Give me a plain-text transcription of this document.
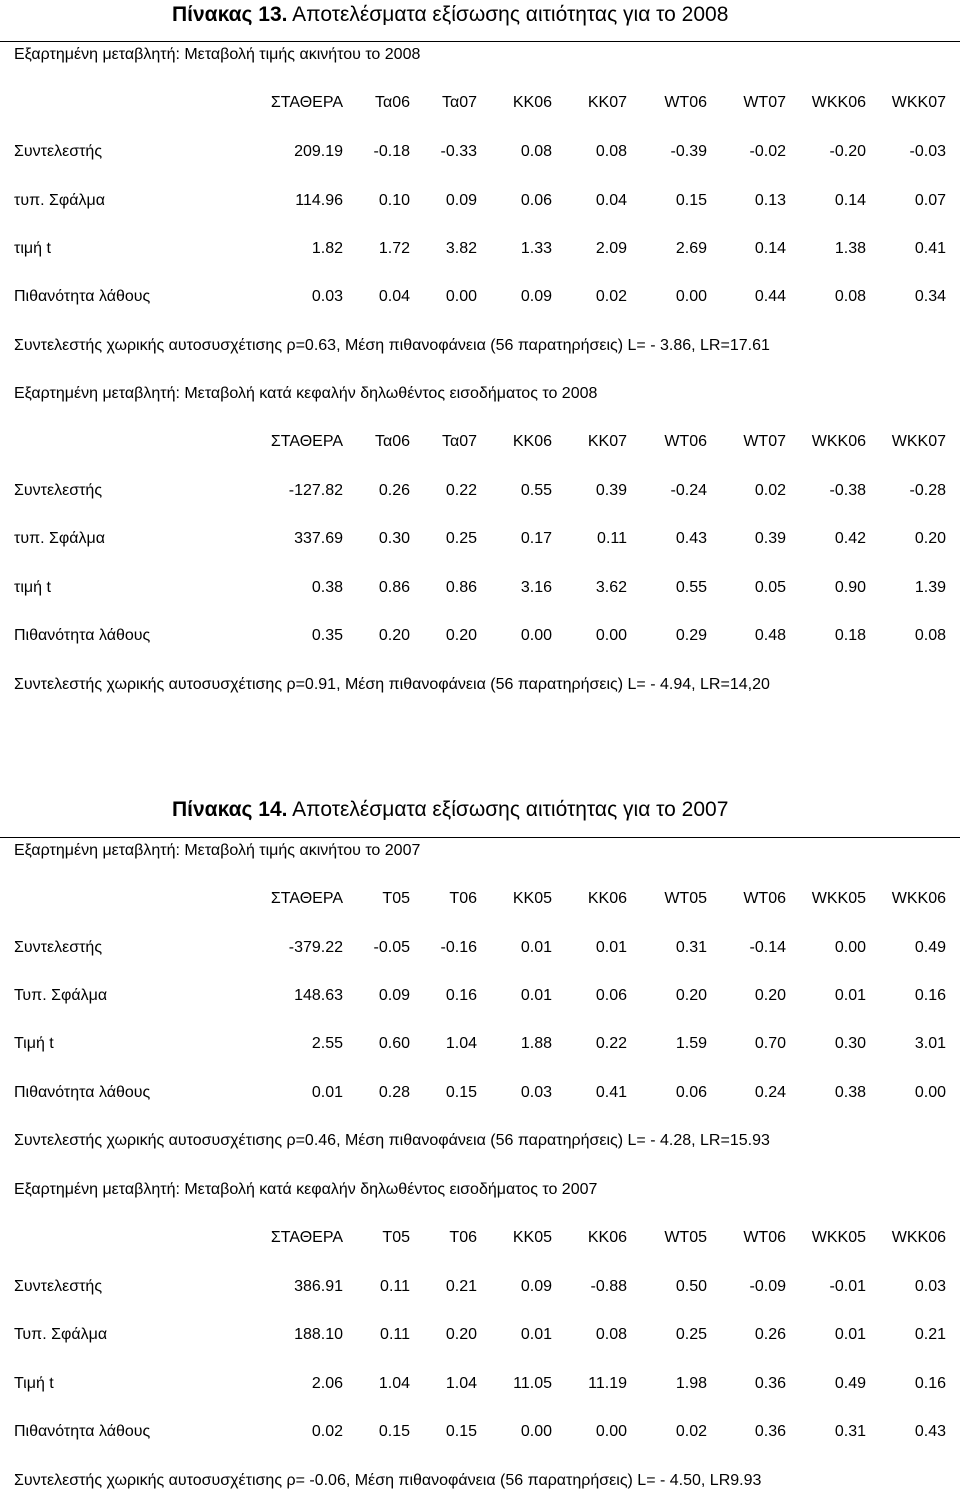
Πίνακας 13. Αποτελέσματα εξίσωσης αιτιότητας για το 2008
Εξαρτημένη μεταβλητή: Μεταβολή τιμής ακινήτου το 2008
ΣΤΑΘΕΡΑ Τα06 Τα07 ΚΚ06 ΚΚ07 WT06 WT07 WKK06 WKK07
Συντελεστής	209.19 -0.18 -0.33	0.08	0.08	-0.39	-0.02	-0.20	-0.03
τυπ. Σφάλμα	114.96 0.10 0.09	0.06	0.04	0.15	0.13	0.14	0.07
τιμή t	1.82 1.72 3.82	1.33	2.09	2.69	0.14	1.38	0.41
Πιθανότητα λάθους	0.03 0.04 0.00	0.09	0.02	0.00	0.44	0.08	0.34
Συντελεστής χωρικής αυτοσυσχέτισης ρ=0.63, Μέση πιθανοφάνεια (56 παρατηρήσεις) L= - 3.86, LR=17.61
Εξαρτημένη μεταβλητή: Μεταβολή κατά κεφαλήν δηλωθέντος εισοδήματος το 2008
ΣΤΑΘΕΡΑ Τα06 Τα07 ΚΚ06 ΚΚ07 WT06 WT07 WKK06 WKK07
Συντελεστής	-127.82 0.26 0.22	0.55	0.39	-0.24	0.02	-0.38	-0.28
τυπ. Σφάλμα	337.69 0.30 0.25	0.17	0.11	0.43	0.39	0.42	0.20
τιμή t	0.38 0.86 0.86	3.16	3.62	0.55	0.05	0.90	1.39
Πιθανότητα λάθους	0.35 0.20 0.20	0.00	0.00	0.29	0.48	0.18	0.08
Συντελεστής χωρικής αυτοσυσχέτισης ρ=0.91, Μέση πιθανοφάνεια (56 παρατηρήσεις) L= - 4.94, LR=14,20
Πίνακας 14. Αποτελέσματα εξίσωσης αιτιότητας για το 2007
Εξαρτημένη μεταβλητή: Μεταβολή τιμής ακινήτου το 2007
ΣΤΑΘΕΡΑ Τ05 Τ06 ΚΚ05 ΚΚ06 WT05 WT06 WKK05 WKK06
Συντελεστής	-379.22 -0.05 -0.16	0.01	0.01	0.31	-0.14	0.00	0.49
Τυπ. Σφάλμα	148.63 0.09 0.16	0.01	0.06	0.20	0.20	0.01	0.16
Τιμή t	2.55 0.60 1.04	1.88	0.22	1.59	0.70	0.30	3.01
Πιθανότητα λάθους	0.01 0.28 0.15	0.03	0.41	0.06	0.24	0.38	0.00
Συντελεστής χωρικής αυτοσυσχέτισης ρ=0.46, Μέση πιθανοφάνεια (56 παρατηρήσεις) L= - 4.28, LR=15.93
Εξαρτημένη μεταβλητή: Μεταβολή κατά κεφαλήν δηλωθέντος εισοδήματος το 2007
ΣΤΑΘΕΡΑ Τ05 Τ06 ΚΚ05 ΚΚ06 WT05 WT06 WKK05 WKK06
Συντελεστής	386.91 0.11 0.21	0.09 -0.88	0.50	-0.09	-0.01	0.03
Τυπ. Σφάλμα	188.10 0.11 0.20	0.01	0.08	0.25	0.26	0.01	0.21
Τιμή t	2.06 1.04 1.04 11.05 11.19	1.98	0.36	0.49	0.16
Πιθανότητα λάθους	0.02 0.15 0.15	0.00	0.00	0.02	0.36	0.31	0.43
Συντελεστής χωρικής αυτοσυσχέτισης ρ= -0.06, Μέση πιθανοφάνεια (56 παρατηρήσεις) L= - 4.50, LR9.93
